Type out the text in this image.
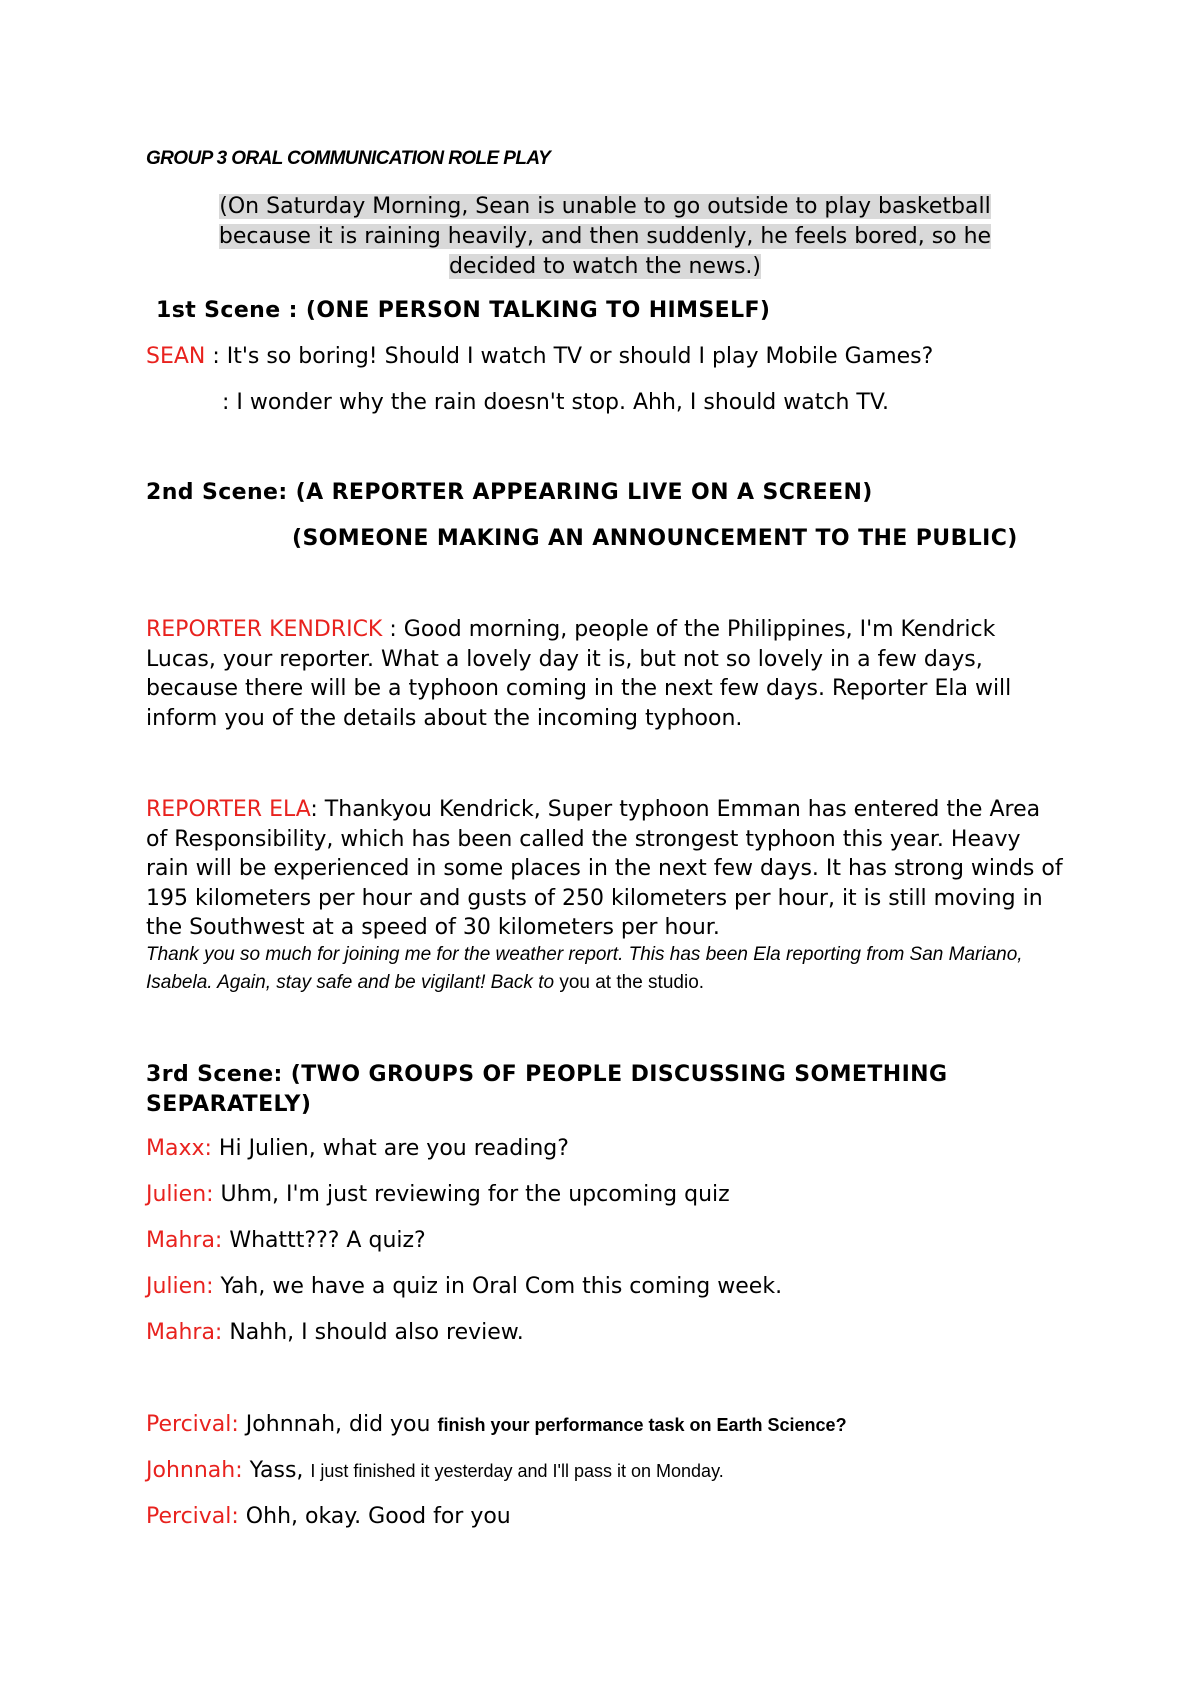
GROUP 3 ORAL COMMUNICATION ROLE PLAY
(On Saturday Morning, Sean is unable to go outside to play basketball because it is raining heavily, and then suddenly, he feels bored, so he decided to watch the news.)
1st Scene : (ONE PERSON TALKING TO HIMSELF)
SEAN : It's so boring! Should I watch TV or should I play Mobile Games?
: I wonder why the rain doesn't stop. Ahh, I should watch TV.
2nd Scene: (A REPORTER APPEARING LIVE ON A SCREEN)
(SOMEONE MAKING AN ANNOUNCEMENT TO THE PUBLIC)
REPORTER KENDRICK : Good morning, people of the Philippines, I'm Kendrick Lucas, your reporter. What a lovely day it is, but not so lovely in a few days, because there will be a typhoon coming in the next few days. Reporter Ela will inform you of the details about the incoming typhoon.
REPORTER ELA: Thankyou Kendrick, Super typhoon Emman has entered the Area of Responsibility, which has been called the strongest typhoon this year. Heavy rain will be experienced in some places in the next few days. It has strong winds of 195 kilometers per hour and gusts of 250 kilometers per hour, it is still moving in the Southwest at a speed of 30 kilometers per hour.
Thank you so much for joining me for the weather report. This has been Ela reporting from San Mariano, Isabela. Again, stay safe and be vigilant! Back to you at the studio.
3rd Scene: (TWO GROUPS OF PEOPLE DISCUSSING SOMETHING SEPARATELY)
Maxx: Hi Julien, what are you reading?
Julien: Uhm, I'm just reviewing for the upcoming quiz
Mahra: Whattt??? A quiz?
Julien: Yah, we have a quiz in Oral Com this coming week.
Mahra: Nahh, I should also review.
Percival: Johnnah, did you finish your performance task on Earth Science?
Johnnah: Yass, I just finished it yesterday and I'll pass it on Monday.
Percival: Ohh, okay. Good for you
